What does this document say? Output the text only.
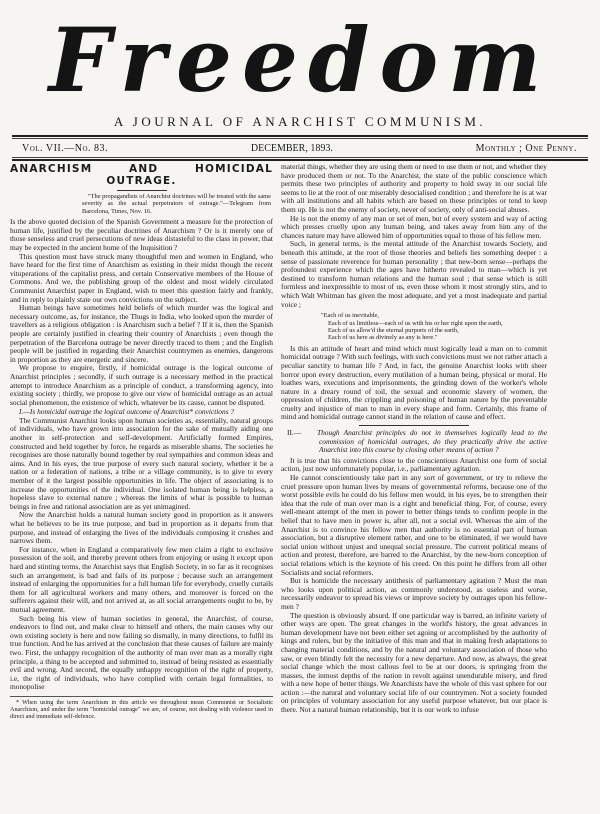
Freedom
A JOURNAL OF ANARCHIST COMMUNISM.
Vol. VII.—No. 83.	DECEMBER, 1893.	Monthly ; One Penny.
ANARCHISM	AND	HOMICIDAL
OUTRAGE.
"The propagandists of Anarchist doctrines will be treated with the same severity as the actual perpetrators of outrage."—Telegram from Barcelona, Times, Nov. 16.

Is the above quoted decision of the Spanish Government a measure for the protection of human life, justified by the peculiar doctrines of Anarchism ? Or is it merely one of those senseless and cruel persecutions of new ideas distasteful to the class in power, that may be expected in the ancient home of the Inquisition ?

This question must have struck many thoughtful men and women in England, who have heard for the first time of Anarchism as existing in their midst though the recent vituperations of the capitalist press, and certain Conservative members of the House of Commons. And we, the publishing group of the oldest and most widely circulated Communist Anarchist paper in England, wish to meet this question fairly and frankly, and in reply to plainly state our own convictions on the subject.

Human beings have sometimes held beliefs of which murder was the logical and necessary outcome, as, for instance, the Thugs in India, who looked upon the murder of travellers as a religious obligation : is Anarchism such a belief ? If it is, then the Spanish people are certainly justified in clearing their country of Anarchists ; even though the perpetration of the Barcelona outrage be never directly traced to them ; and the English people will be justified in regarding their Anarchist countrymen as enemies, dangerous in proportion as they are energetic and sincere.

We propose to enquire, firstly, if homicidal outrage is the logical outcome of Anarchist principles ; secondly, if such outrage is a necessary method in the practical attempt to introduce Anarchism as a principle of conduct, a transforming agency, into existing society ; thirdly, we propose to give our view of homicidal outrage as an actual social phenomenon, the existence of which, whatever be its cause, cannot be disputed.

I.—Is homicidal outrage the logical outcome of Anarchist* convictions ?

The Communist Anarchist looks upon human societies as, essentially, natural groups of individuals, who have grown into association for the sake of mutually aiding one another in self-protection and self-development. Artificially formed Empires, constructed and held together by force, he regards as miserable shams. The societies he recognises are those naturally bound together by real sympathies and common ideas and aims. And in his eyes, the true purpose of every such natural society, whether it be a nation or a federation of nations, a tribe or a village community, is to give to every member of it the largest possible opportunities in life. The object of associating is to increase the opportunities of the individual. One isolated human being is helpless, a hopeless slave to external nature ; whereas the limits of what is possible to human beings in free and rational association are as yet unimagined.

Now the Anarchist holds a natural human society good in proportion as it answers what he believes to be its true purpose, and bad in proportion as it departs from that purpose, and instead of enlarging the lives of the individuals composing it crushes and narrows them.

For instance, when in England a comparatively few men claim a right to exclusive possession of the soil, and thereby prevent others from enjoying or using it except upon hard and stinting terms, the Anarchist says that English Society, in so far as it recognises such an arrangement, is bad and fails of its purpose ; because such an arrangement instead of enlarging the opportunities for a full human life for everybody, cruelly curtails them for all agricultural workers and many others, and moreover is forced on the sufferers against their will, and not arrived at, as all social arrangements ought to be, by mutual agreement.

Such being his view of human societies in general, the Anarchist, of course, endeavors to find out, and make clear to himself and others, the main causes why our own existing society is here and now failing so dismally, in many directions, to fulfil its true function. And he has arrived at the conclusion that these causes of failure are mainly two. First, the unhappy recognition of the authority of man over man as a morally right principle, a thing to be accepted and submitted to, instead of being resisted as essentially evil and wrong. And second, the equally unhappy recognition of the right of property, i.e, the right of individuals, who have complied with certain legal formalities, to monopolise

* When using the term Anarchism in this article we throughout mean Communist or Socialistic Anarchism, and under the term "homicidal outrage" we are, of course, not dealing with violence used in direct and immediate self-defence.

material things, whether they are using them or need to use them or not, and whether they have produced them or not. To the Anarchist, the state of the public conscience which permits these two principles of authority and property to hold sway in our social life seems to lie at the root of our miserably desocialised condition ; and therefore he is at war with all institutions and all habits which are based on these principles or tend to keep them up. He is not the enemy of society, never of society, only of anti-social abuses.

He is not the enemy of any man or set of men, but of every system and way of acting which presses cruelly upon any human being, and takes away from him any of the chances nature may have allowed him of opportunities equal to those of his fellow men.

Such, in general terms, is the mental attitude of the Anarchist towards Society, and beneath this attitude, at the root of those theories and beliefs lies something deeper : a sense of passionate reverence for human personality ; that new-born sense—perhaps the profoundest experience which the ages have hitherto revealed to man—which is yet destined to transform human relations and the human soul ; that sense which is still formless and inexpressible to most of us, even those whom it most strongly stirs, and to which Walt Whitman has given the most adequate, and yet a most inadequate and partial voice ;

"Each of us inevitable,
Each of us limitless—each of us with his or her right upon the earth,
Each of us allow'd the eternal purports of the earth,
Each of us here as divinely as any is here."

Is this an attitude of heart and mind which must logically lead a man on to commit homicidal outrage ? With such feelings, with such convictions must we not rather attach a peculiar sanctity to human life ? And, in fact, the genuine Anarchist looks with sheer horror upon every destruction, every mutilation of a human being, physical or moral. He loathes wars, executions and imprisonments, the grinding down of the worker's whole nature in a dreary round of toil, the sexual and economic slavery of women, the oppression of children, the crippling and poisoning of human nature by the preventable cruelty and injustice of man to man in every shape and form. Certainly, this frame of mind and homicidal outrage cannot stand in the relation of cause and effect.

II.— Though Anarchist principles do not in themselves logically lead to the commission of homicidal outrages, do they practically drive the active Anarchist into this course by closing other means of action ?

It is true that his convictions close to the conscientious Anarchist one form of social action, just now unfortunately popular, i.e., parliamentary agitation.

He cannot conscientiously take part in any sort of government, or try to relieve the cruel pressure upon human lives by means of governmental reforms, because one of the worst possible evils he could do his fellow men would, in his eyes, be to strengthen their idea that the rule of man over man is a right and beneficial thing. For, of course, every well-meant attempt of the men in power to better things tends to confirm people in the belief that to have men in power is, after all, not a social evil. Whereas the aim of the Anarchist is to convince his fellow men that authority is no essential part of human association, but a disruptive element rather, and one to be eliminated, if we would have social union without unjust and unequal social pressure. The current political means of action and protest, therefore, are barred to the Anarchist, by the new-born conception of social relations which is the keynote of his creed. On this point he differs from all other Socialists and social reformers.

But is homicide the necessary antithesis of parliamentary agitation ? Must the man who looks upon political action, as commonly understood, as useless and worse, necessarily endeavor to spread his views or improve society by outrages upon his fellow-men ?

The question is obviously absurd. If one particular way is barred, an infinite variety of other ways are open. The great changes in the world's history, the great advances in human development have not been either set agoing or accomplished by the authority of kings and rulers, but by the initiative of this man and that in making fresh adaptations to changing material conditions, and by the natural and voluntary association of those who saw, or even blindly felt the necessity for a new departure. And now, as always, the great social change which the most callous feel to be at our doors, is springing from the masses, the inmost depths of the nation in revolt against unendurable misery, and fired with a new hope of better things. We Anarchists have the whole of this vast sphere for our action :—the natural and voluntary social life of our countrymen. Not a society founded on principles of voluntary association for any useful purpose whatever, but our place is there. Not a natural human relationship, but it is our work to infuse
